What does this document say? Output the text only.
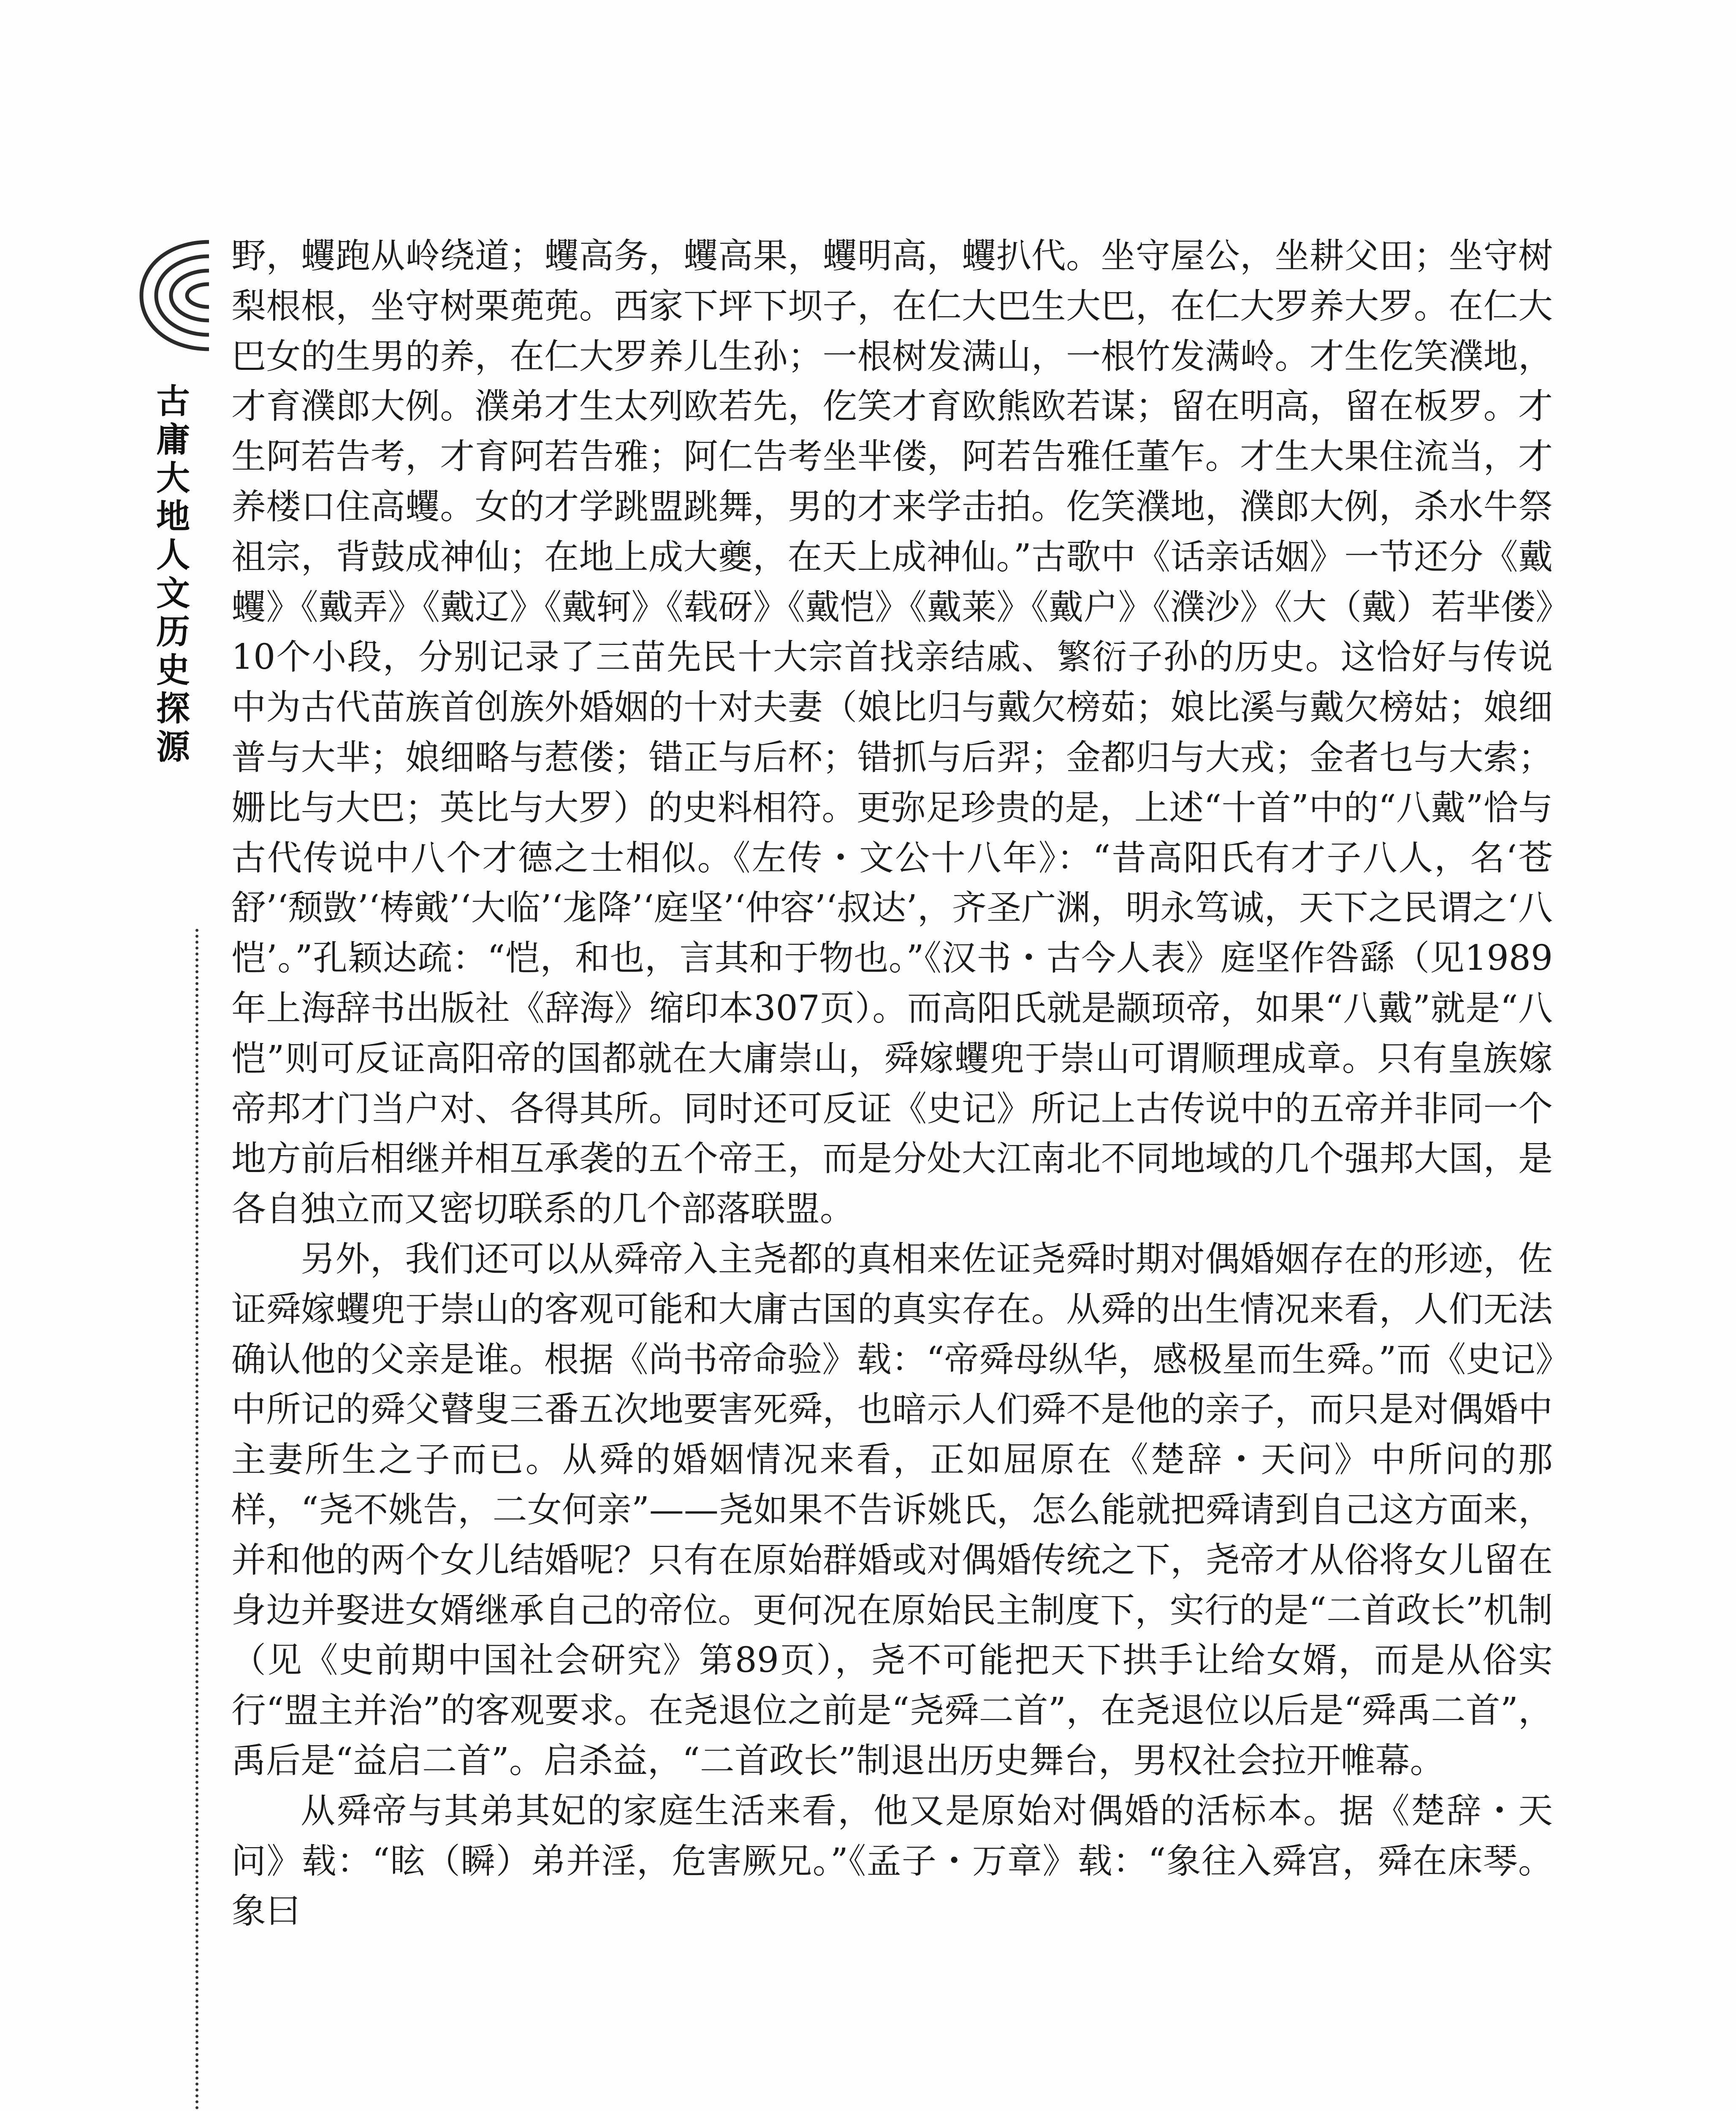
古庸大地人文历史探源

野，蠼跑从岭绕道；蠼高务，蠼高果，蠼明高，蠼扒代。坐守屋公，坐耕父田；坐守树梨根根，坐守树栗蔸蔸。西家下坪下坝子，在仁大巴生大巴，在仁大罗养大罗。在仁大巴女的生男的养，在仁大罗养儿生孙；一根树发满山，一根竹发满岭。才生仡笑濮地，才育濮郎大例。濮弟才生太列欧若先，仡笑才育欧熊欧若谋；留在明高，留在板罗。才生阿若告考，才育阿若告雅；阿仁告考坐芈偻，阿若告雅任董乍。才生大果住流当，才养楼口住高蠼。女的才学跳盟跳舞，男的才来学击拍。仡笑濮地，濮郎大例，杀水牛祭祖宗，背鼓成神仙；在地上成大夔，在天上成神仙。”古歌中《话亲话姻》一节还分《戴蠼》《戴弄》《戴辽》《戴轲》《载砑》《戴恺》《戴莱》《戴户》《濮沙》《大（戴）若芈偻》10个小段，分别记录了三苗先民十大宗首找亲结戚、繁衍子孙的历史。这恰好与传说中为古代苗族首创族外婚姻的十对夫妻（娘比归与戴欠榜茹；娘比溪与戴欠榜姑；娘细普与大芈；娘细略与惹偻；错正与后杯；错抓与后羿；金都归与大戎；金者乜与大索；姗比与大巴；英比与大罗）的史料相符。更弥足珍贵的是，上述“十首”中的“八戴”恰与古代传说中八个才德之士相似。《左传・文公十八年》：“昔高阳氏有才子八人，名‘苍舒’‘颓敳’‘梼戭’‘大临’‘尨降’‘庭坚’‘仲容’‘叔达’，齐圣广渊，明永笃诚，天下之民谓之‘八恺’。”孔颖达疏：“恺，和也，言其和于物也。”《汉书・古今人表》庭坚作咎繇（见1989年上海辞书出版社《辞海》缩印本307页）。而高阳氏就是颛顼帝，如果“八戴”就是“八恺”则可反证高阳帝的国都就在大庸崇山，舜嫁蠼兜于崇山可谓顺理成章。只有皇族嫁帝邦才门当户对、各得其所。同时还可反证《史记》所记上古传说中的五帝并非同一个地方前后相继并相互承袭的五个帝王，而是分处大江南北不同地域的几个强邦大国，是各自独立而又密切联系的几个部落联盟。

另外，我们还可以从舜帝入主尧都的真相来佐证尧舜时期对偶婚姻存在的形迹，佐证舜嫁蠼兜于崇山的客观可能和大庸古国的真实存在。从舜的出生情况来看，人们无法确认他的父亲是谁。根据《尚书帝命验》载：“帝舜母纵华，感极星而生舜。”而《史记》中所记的舜父瞽叟三番五次地要害死舜，也暗示人们舜不是他的亲子，而只是对偶婚中主妻所生之子而已。从舜的婚姻情况来看，正如屈原在《楚辞・天问》中所问的那样，“尧不姚告，二女何亲”——尧如果不告诉姚氏，怎么能就把舜请到自己这方面来，并和他的两个女儿结婚呢？只有在原始群婚或对偶婚传统之下，尧帝才从俗将女儿留在身边并娶进女婿继承自己的帝位。更何况在原始民主制度下，实行的是“二首政长”机制（见《史前期中国社会研究》第89页），尧不可能把天下拱手让给女婿，而是从俗实行“盟主并治”的客观要求。在尧退位之前是“尧舜二首”，在尧退位以后是“舜禹二首”，禹后是“益启二首”。启杀益，“二首政长”制退出历史舞台，男权社会拉开帷幕。

从舜帝与其弟其妃的家庭生活来看，他又是原始对偶婚的活标本。据《楚辞・天问》载：“眩（瞬）弟并淫，危害厥兄。”《孟子・万章》载：“象往入舜宫，舜在床琴。象曰
